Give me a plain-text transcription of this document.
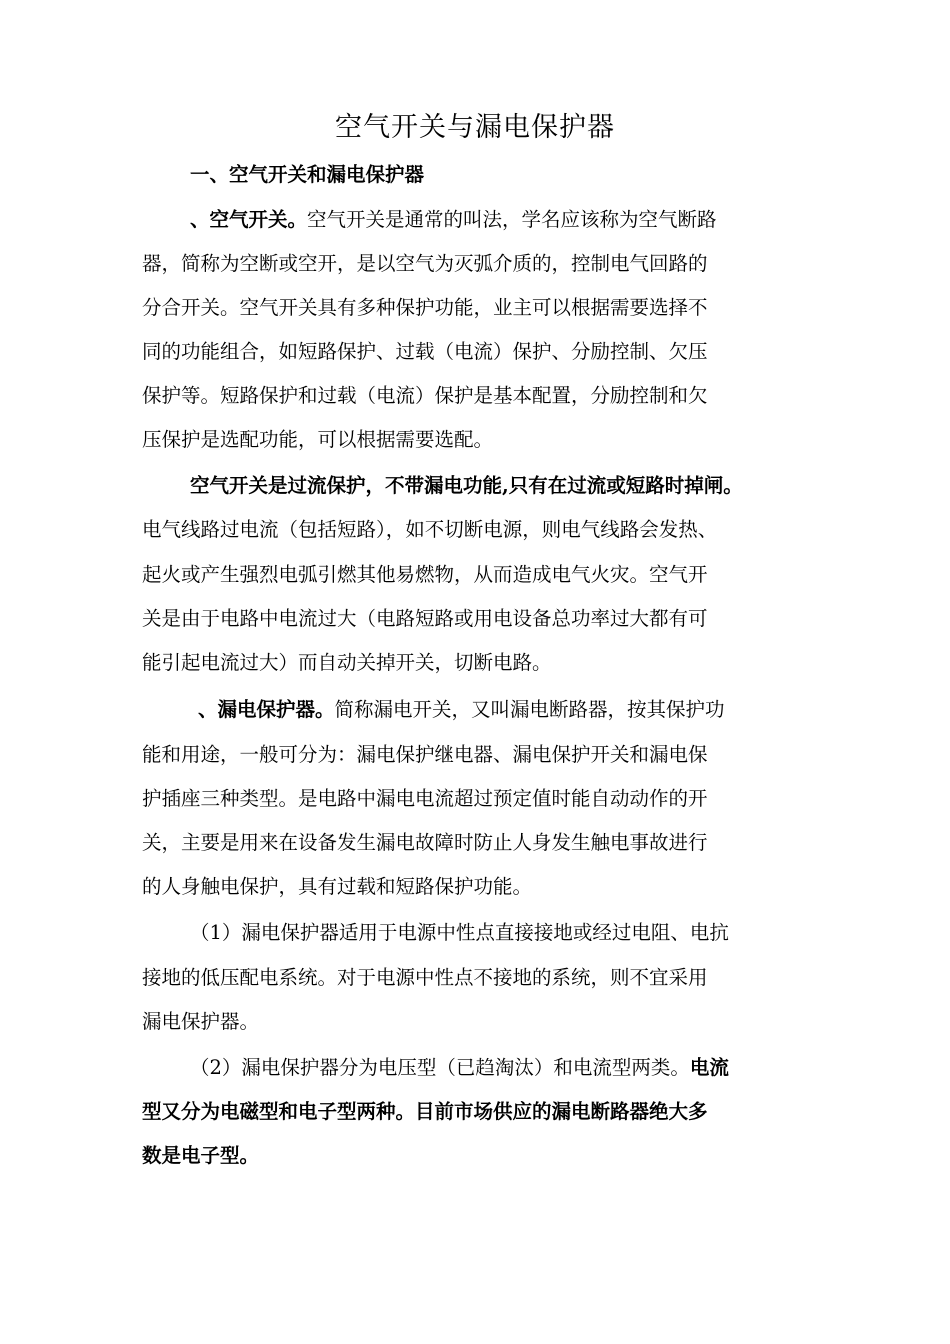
空气开关与漏电保护器
一、空气开关和漏电保护器
、空气开关。空气开关是通常的叫法，学名应该称为空气断路
器，简称为空断或空开，是以空气为灭弧介质的，控制电气回路的
分合开关。空气开关具有多种保护功能，业主可以根据需要选择不
同的功能组合，如短路保护、过载（电流）保护、分励控制、欠压
保护等。短路保护和过载（电流）保护是基本配置，分励控制和欠
压保护是选配功能，可以根据需要选配。
空气开关是过流保护，不带漏电功能,只有在过流或短路时掉闸。
电气线路过电流（包括短路），如不切断电源，则电气线路会发热、
起火或产生强烈电弧引燃其他易燃物，从而造成电气火灾。空气开
关是由于电路中电流过大（电路短路或用电设备总功率过大都有可
能引起电流过大）而自动关掉开关，切断电路。
、漏电保护器。简称漏电开关，又叫漏电断路器，按其保护功
能和用途，一般可分为：漏电保护继电器、漏电保护开关和漏电保
护插座三种类型。是电路中漏电电流超过预定值时能自动动作的开
关，主要是用来在设备发生漏电故障时防止人身发生触电事故进行
的人身触电保护，具有过载和短路保护功能。
（1）漏电保护器适用于电源中性点直接接地或经过电阻、电抗
接地的低压配电系统。对于电源中性点不接地的系统，则不宜采用
漏电保护器。
（2）漏电保护器分为电压型（已趋淘汰）和电流型两类。电流
型又分为电磁型和电子型两种。目前市场供应的漏电断路器绝大多
数是电子型。
